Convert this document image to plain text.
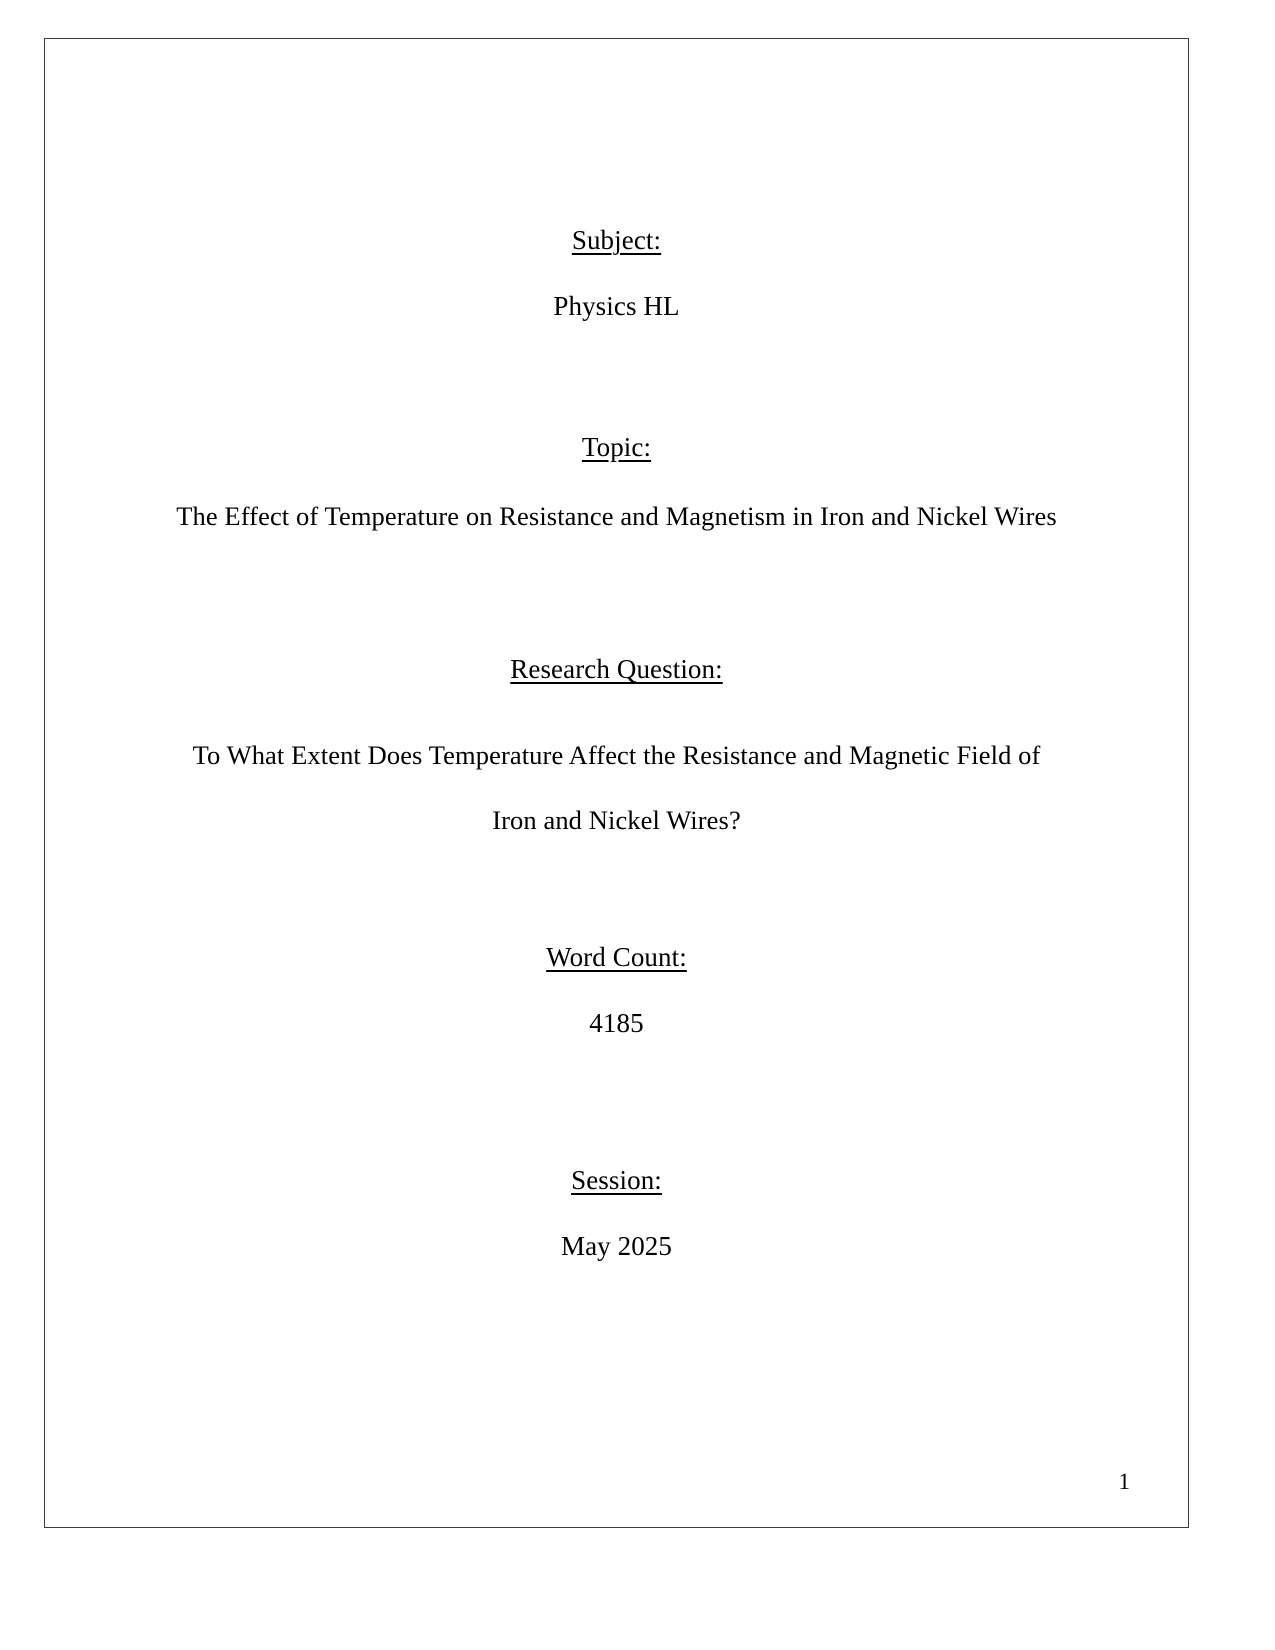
Subject:
Physics HL
Topic:
The Effect of Temperature on Resistance and Magnetism in Iron and Nickel Wires
Research Question:
To What Extent Does Temperature Affect the Resistance and Magnetic Field of
Iron and Nickel Wires?
Word Count:
4185
Session:
May 2025
1
